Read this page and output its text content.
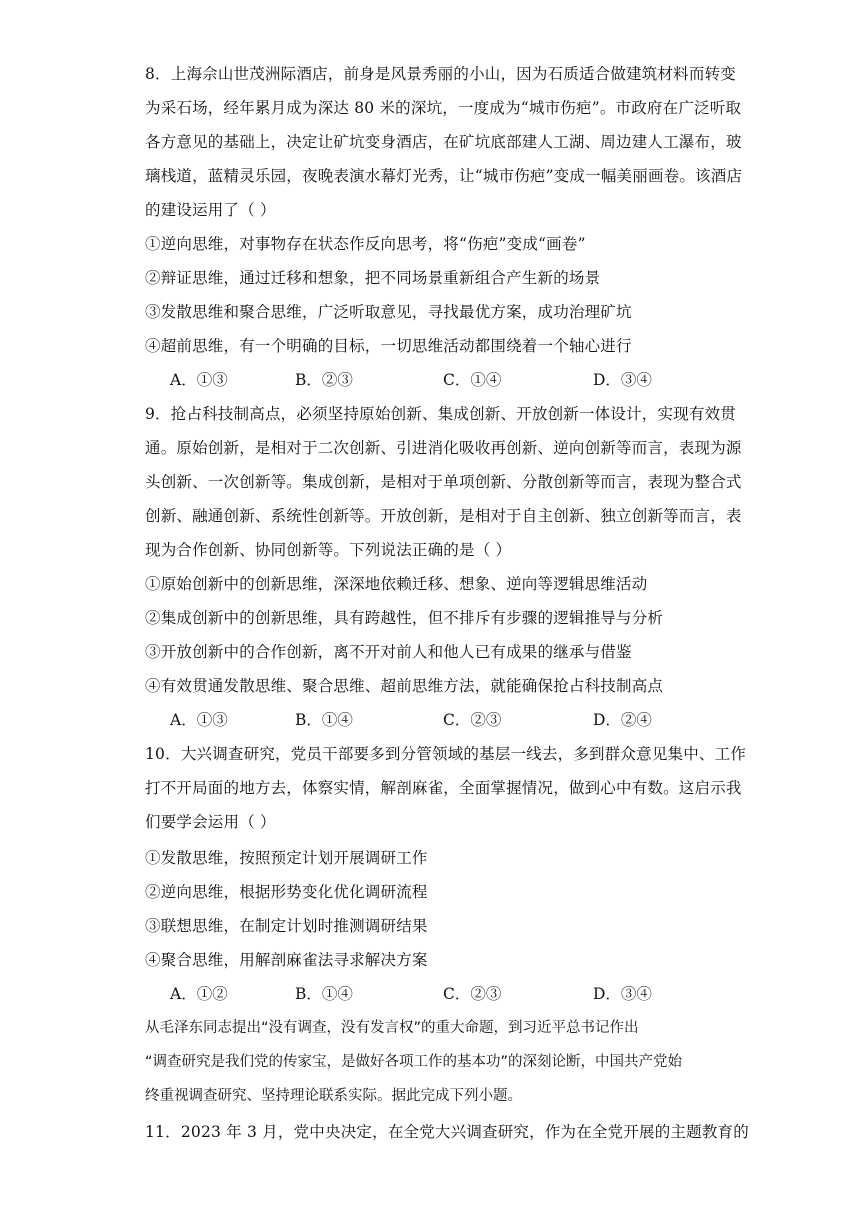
8．上海佘山世茂洲际酒店，前身是风景秀丽的小山，因为石质适合做建筑材料而转变
为采石场，经年累月成为深达 80 米的深坑，一度成为“城市伤疤”。市政府在广泛听取
各方意见的基础上，决定让矿坑变身酒店，在矿坑底部建人工湖、周边建人工瀑布，玻
璃栈道，蓝精灵乐园，夜晚表演水幕灯光秀，让“城市伤疤”变成一幅美丽画卷。该酒店
的建设运用了（ ）
①逆向思维，对事物存在状态作反向思考，将“伤疤”变成“画卷”
②辩证思维，通过迁移和想象，把不同场景重新组合产生新的场景
③发散思维和聚合思维，广泛听取意见，寻找最优方案，成功治理矿坑
④超前思维，有一个明确的目标，一切思维活动都围绕着一个轴心进行
A．①③	B．②③	C．①④	D．③④
9．抢占科技制高点，必须坚持原始创新、集成创新、开放创新一体设计，实现有效贯
通。原始创新，是相对于二次创新、引进消化吸收再创新、逆向创新等而言，表现为源
头创新、一次创新等。集成创新，是相对于单项创新、分散创新等而言，表现为整合式
创新、融通创新、系统性创新等。开放创新，是相对于自主创新、独立创新等而言，表
现为合作创新、协同创新等。下列说法正确的是（ ）
①原始创新中的创新思维，深深地依赖迁移、想象、逆向等逻辑思维活动
②集成创新中的创新思维，具有跨越性，但不排斥有步骤的逻辑推导与分析
③开放创新中的合作创新，离不开对前人和他人已有成果的继承与借鉴
④有效贯通发散思维、聚合思维、超前思维方法，就能确保抢占科技制高点
A．①③	B．①④	C．②③	D．②④
10．大兴调查研究，党员干部要多到分管领域的基层一线去，多到群众意见集中、工作
打不开局面的地方去，体察实情，解剖麻雀，全面掌握情况，做到心中有数。这启示我
们要学会运用（ ）
①发散思维，按照预定计划开展调研工作
②逆向思维，根据形势变化优化调研流程
③联想思维，在制定计划时推测调研结果
④聚合思维，用解剖麻雀法寻求解决方案
A．①②	B．①④	C．②③	D．③④
从毛泽东同志提出“没有调查，没有发言权”的重大命题，到习近平总书记作出
“调查研究是我们党的传家宝，是做好各项工作的基本功”的深刻论断，中国共产党始
终重视调查研究、坚持理论联系实际。据此完成下列小题。
11．2023 年 3 月，党中央决定，在全党大兴调查研究，作为在全党开展的主题教育的
